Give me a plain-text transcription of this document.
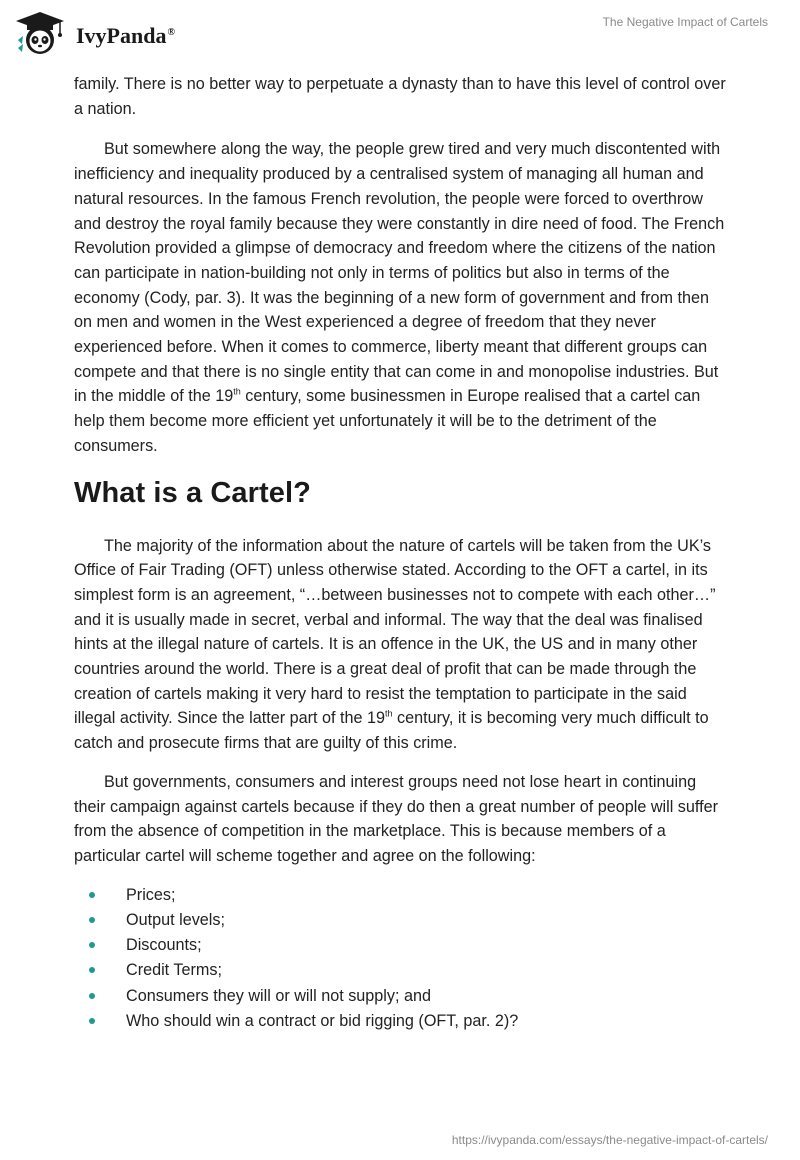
IvyPanda®
The Negative Impact of Cartels

family. There is no better way to perpetuate a dynasty than to have this level of control over a nation.

But somewhere along the way, the people grew tired and very much discontented with inefficiency and inequality produced by a centralised system of managing all human and natural resources. In the famous French revolution, the people were forced to overthrow and destroy the royal family because they were constantly in dire need of food. The French Revolution provided a glimpse of democracy and freedom where the citizens of the nation can participate in nation-building not only in terms of politics but also in terms of the economy (Cody, par. 3). It was the beginning of a new form of government and from then on men and women in the West experienced a degree of freedom that they never experienced before. When it comes to commerce, liberty meant that different groups can compete and that there is no single entity that can come in and monopolise industries. But in the middle of the 19th century, some businessmen in Europe realised that a cartel can help them become more efficient yet unfortunately it will be to the detriment of the consumers.

What is a Cartel?

The majority of the information about the nature of cartels will be taken from the UK’s Office of Fair Trading (OFT) unless otherwise stated. According to the OFT a cartel, in its simplest form is an agreement, “…between businesses not to compete with each other…” and it is usually made in secret, verbal and informal. The way that the deal was finalised hints at the illegal nature of cartels. It is an offence in the UK, the US and in many other countries around the world. There is a great deal of profit that can be made through the creation of cartels making it very hard to resist the temptation to participate in the said illegal activity. Since the latter part of the 19th century, it is becoming very much difficult to catch and prosecute firms that are guilty of this crime.

But governments, consumers and interest groups need not lose heart in continuing their campaign against cartels because if they do then a great number of people will suffer from the absence of competition in the marketplace. This is because members of a particular cartel will scheme together and agree on the following:

Prices;
Output levels;
Discounts;
Credit Terms;
Consumers they will or will not supply; and
Who should win a contract or bid rigging (OFT, par. 2)?
https://ivypanda.com/essays/the-negative-impact-of-cartels/
